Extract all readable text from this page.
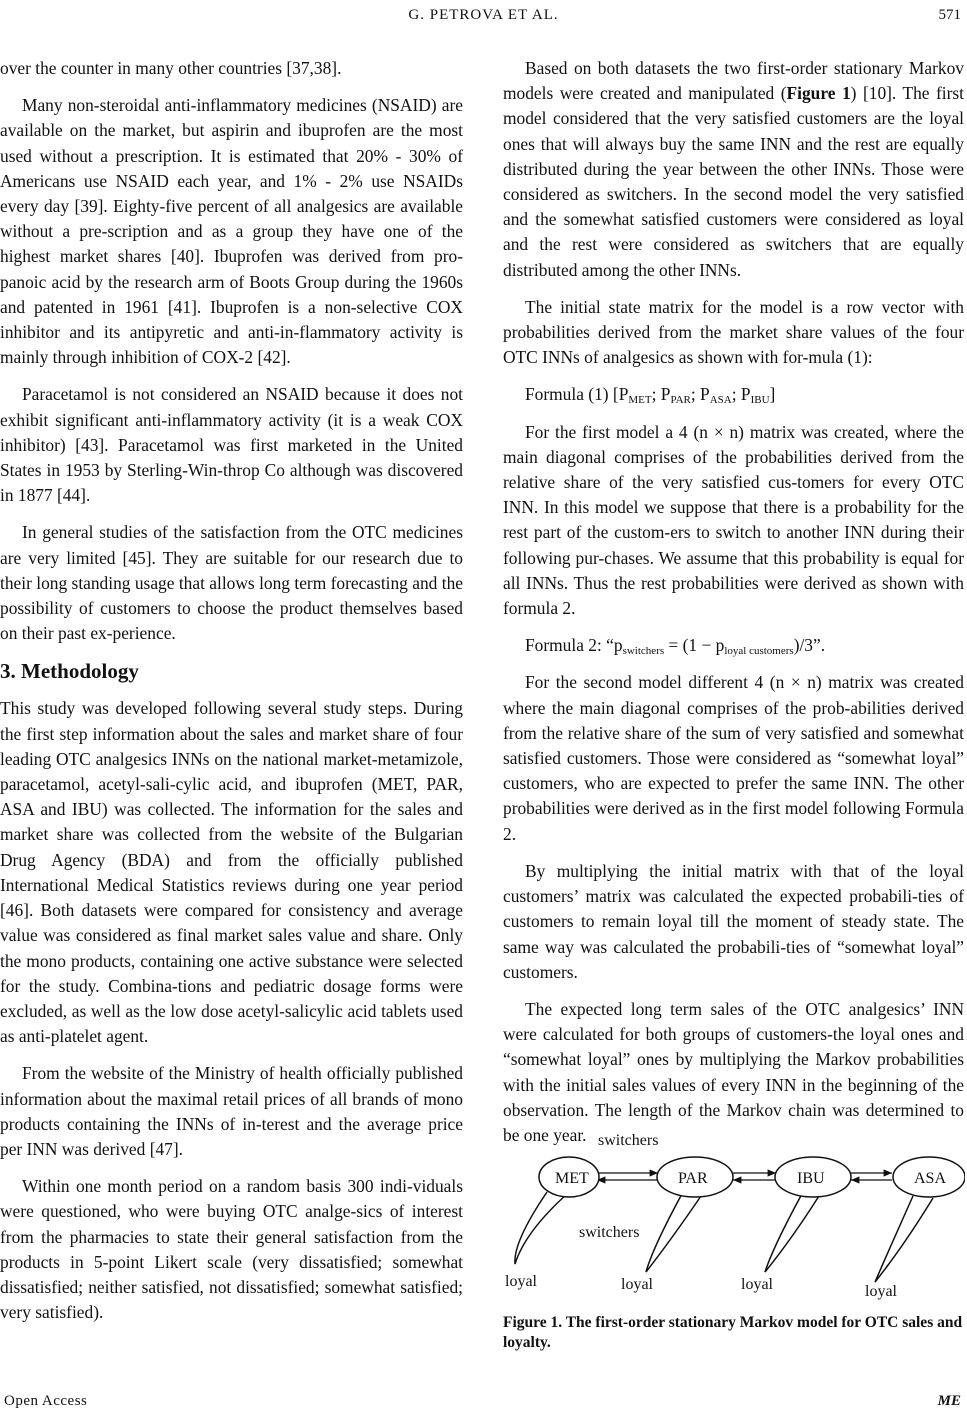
G. PETROVA ET AL.	571

over the counter in many other countries [37,38].

Many non-steroidal anti-inflammatory medicines (NSAID) are available on the market, but aspirin and ibuprofen are the most used without a prescription. It is estimated that 20% - 30% of Americans use NSAID each year, and 1% - 2% use NSAIDs every day [39]. Eighty-five percent of all analgesics are available without a pre-scription and as a group they have one of the highest market shares [40]. Ibuprofen was derived from pro-panoic acid by the research arm of Boots Group during the 1960s and patented in 1961 [41]. Ibuprofen is a non-selective COX inhibitor and its antipyretic and anti-in-flammatory activity is mainly through inhibition of COX-2 [42].

Paracetamol is not considered an NSAID because it does not exhibit significant anti-inflammatory activity (it is a weak COX inhibitor) [43]. Paracetamol was first marketed in the United States in 1953 by Sterling-Win-throp Co although was discovered in 1877 [44].

In general studies of the satisfaction from the OTC medicines are very limited [45]. They are suitable for our research due to their long standing usage that allows long term forecasting and the possibility of customers to choose the product themselves based on their past ex-perience.

3. Methodology

This study was developed following several study steps. During the first step information about the sales and market share of four leading OTC analgesics INNs on the national market-metamizole, paracetamol, acetyl-sali-cylic acid, and ibuprofen (MET, PAR, ASA and IBU) was collected. The information for the sales and market share was collected from the website of the Bulgarian Drug Agency (BDA) and from the officially published International Medical Statistics reviews during one year period [46]. Both datasets were compared for consistency and average value was considered as final market sales value and share. Only the mono products, containing one active substance were selected for the study. Combina-tions and pediatric dosage forms were excluded, as well as the low dose acetyl-salicylic acid tablets used as anti-platelet agent.

From the website of the Ministry of health officially published information about the maximal retail prices of all brands of mono products containing the INNs of in-terest and the average price per INN was derived [47].

Within one month period on a random basis 300 indi-viduals were questioned, who were buying OTC analge-sics of interest from the pharmacies to state their general satisfaction from the products in 5-point Likert scale (very dissatisfied; somewhat dissatisfied; neither satisfied, not dissatisfied; somewhat satisfied; very satisfied).

Based on both datasets the two first-order stationary Markov models were created and manipulated (Figure 1) [10]. The first model considered that the very satisfied customers are the loyal ones that will always buy the same INN and the rest are equally distributed during the year between the other INNs. Those were considered as switchers. In the second model the very satisfied and the somewhat satisfied customers were considered as loyal and the rest were considered as switchers that are equally distributed among the other INNs.

The initial state matrix for the model is a row vector with probabilities derived from the market share values of the four OTC INNs of analgesics as shown with for-mula (1):

Formula (1) [$P_{MET}$; $P_{PAR}$; $P_{ASA}$; $P_{IBU}$]

For the first model a 4 (n × n) matrix was created, where the main diagonal comprises of the probabilities derived from the relative share of the very satisfied cus-tomers for every OTC INN. In this model we suppose that there is a probability for the rest part of the custom-ers to switch to another INN during their following pur-chases. We assume that this probability is equal for all INNs. Thus the rest probabilities were derived as shown with formula 2.

Formula 2: “$p_{switchers} = (1 - p_{loyal customers})/3$”.

For the second model different 4 (n × n) matrix was created where the main diagonal comprises of the prob-abilities derived from the relative share of the sum of very satisfied and somewhat satisfied customers. Those were considered as “somewhat loyal” customers, who are expected to prefer the same INN. The other probabilities were derived as in the first model following Formula 2.

By multiplying the initial matrix with that of the loyal customers’ matrix was calculated the expected probabili-ties of customers to remain loyal till the moment of steady state. The same way was calculated the probabili-ties of “somewhat loyal” customers.

The expected long term sales of the OTC analgesics’ INN were calculated for both groups of customers-the loyal ones and “somewhat loyal” ones by multiplying the Markov probabilities with the initial sales values of every INN in the beginning of the observation. The length of the Markov chain was determined to be one year.

MET	PAR	IBU	ASA
switchers
switchers
loyal	loyal	loyal	loyal
Figure 1. The first-order stationary Markov model for OTC sales and loyalty.
Open Access	ME
